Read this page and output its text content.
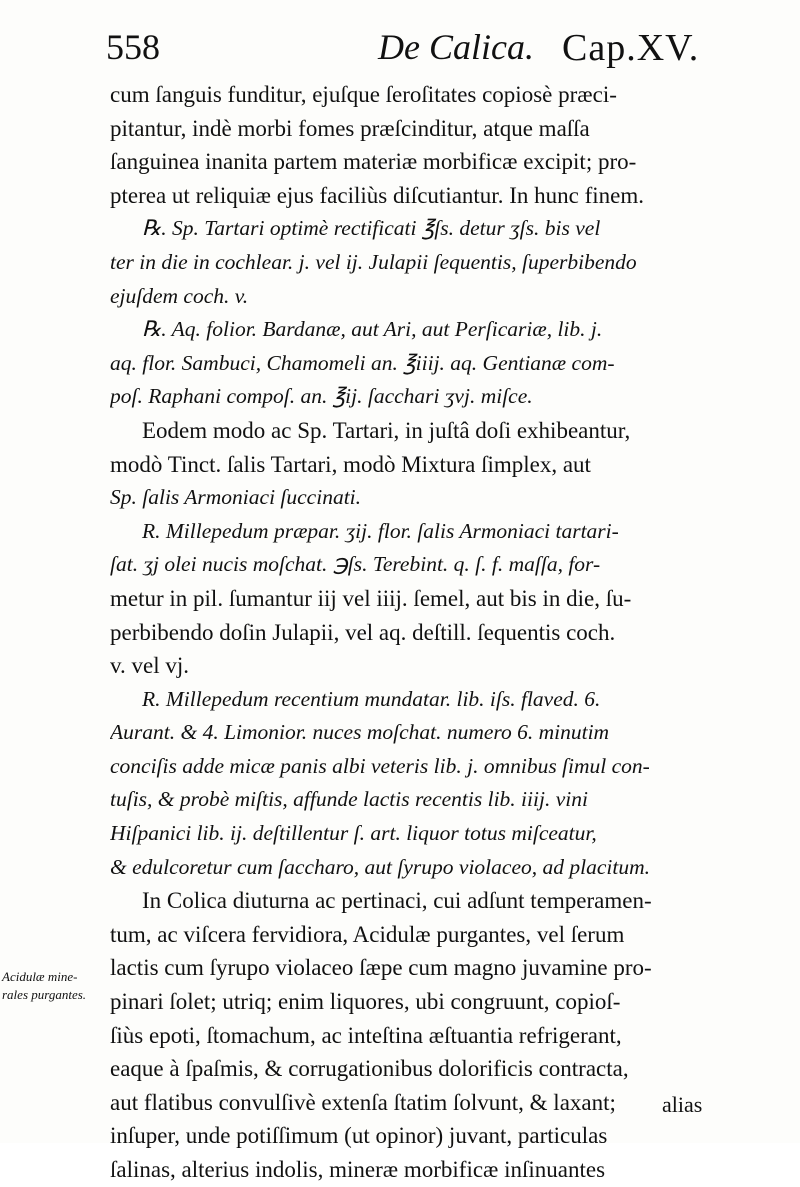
558	De Calica. Cap.XV.
cum ſanguis funditur, ejuſque ſeroſitates copiosè præci-
pitantur, indè morbi fomes præſcinditur, atque maſſa
ſanguinea inanita partem materiæ morbificæ excipit; pro-
pterea ut reliquiæ ejus faciliùs diſcutiantur. In hunc finem.
℞. Sp. Tartari optimè rectificati ℥ſs. detur ʒſs. bis vel
ter in die in cochlear. j. vel ij. Julapii ſequentis, ſuperbibendo
ejuſdem coch. v.
℞. Aq. folior. Bardanæ, aut Ari, aut Perſicariæ, lib. j.
aq. flor. Sambuci, Chamomeli an. ℥iiij. aq. Gentianæ com-
poſ. Raphani compoſ. an. ℥ij. ſacchari ʒvj. miſce.
Eodem modo ac Sp. Tartari, in juſtâ doſi exhibeantur,
modò Tinct. ſalis Tartari, modò Mixtura ſimplex, aut
Sp. ſalis Armoniaci ſuccinati.
R. Millepedum præpar. ʒij. flor. ſalis Armoniaci tartari-
ſat. ʒj olei nucis moſchat. ℈ſs. Terebint. q. ſ. f. maſſa, for-
metur in pil. ſumantur iij vel iiij. ſemel, aut bis in die, ſu-
perbibendo doſin Julapii, vel aq. deſtill. ſequentis coch.
v. vel vj.
R. Millepedum recentium mundatar. lib. iſs. flaved. 6.
Aurant. & 4. Limonior. nuces moſchat. numero 6. minutim
conciſis adde micæ panis albi veteris lib. j. omnibus ſimul con-
tuſis, & probè miſtis, affunde lactis recentis lib. iiij. vini
Hiſpanici lib. ij. deſtillentur ſ. art. liquor totus miſceatur,
& edulcoretur cum ſaccharo, aut ſyrupo violaceo, ad placitum.
In Colica diuturna ac pertinaci, cui adſunt temperamen-
tum, ac viſcera fervidiora, Acidulæ purgantes, vel ſerum
lactis cum ſyrupo violaceo ſæpe cum magno juvamine pro-
pinari ſolet; utriq; enim liquores, ubi congruunt, copioſ-
ſiùs epoti, ſtomachum, ac inteſtina æſtuantia refrigerant,
eaque à ſpaſmis, & corrugationibus dolorificis contracta,
aut flatibus convulſivè extenſa ſtatim ſolvunt, & laxant;
inſuper, unde potiſſimum (ut opinor) juvant, particulas
ſalinas, alterius indolis, mineræ morbificæ inſinuantes
Acidulæ mine-
rales purgantes.
alias
